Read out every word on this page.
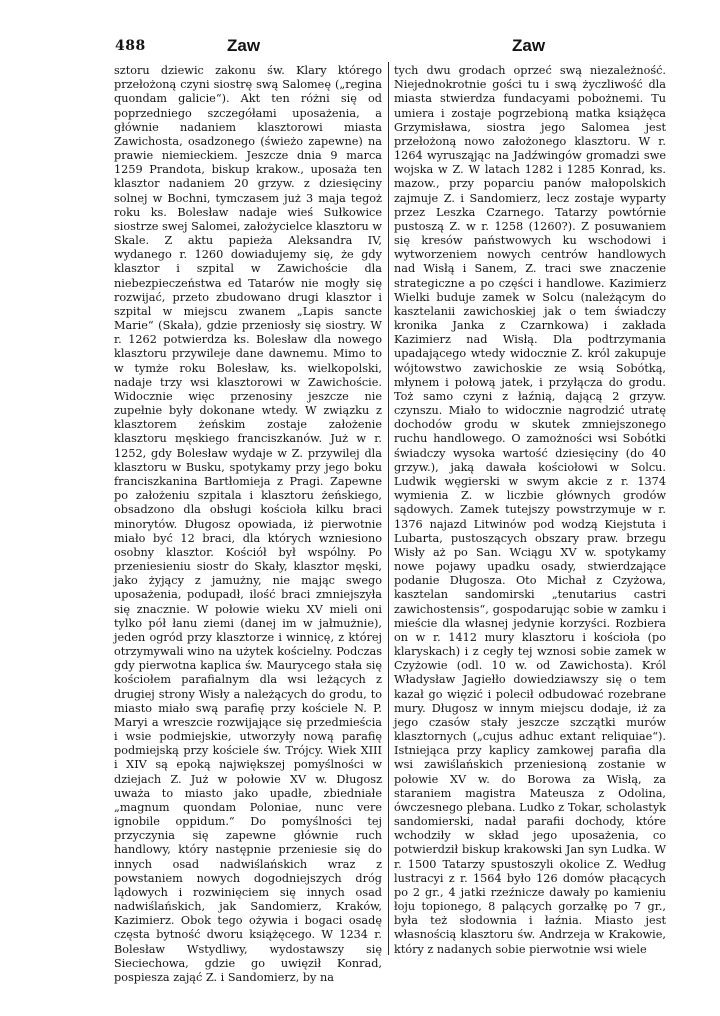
488	Zaw	Zaw

sztoru dziewic zakonu św. Klary którego przełożoną czyni siostrę swą Salomeę („regina quondam galicie“). Akt ten różni się od poprzedniego szczegółami uposażenia, a głównie nadaniem klasztorowi miasta Zawichosta, osadzonego (świeżo zapewne) na prawie niemieckiem. Jeszcze dnia 9 marca 1259 Prandota, biskup krakow., uposaża ten klasztor nadaniem 20 grzyw. z dziesięciny solnej w Bochni, tymczasem już 3 maja tegoż roku ks. Bolesław nadaje wieś Sułkowice siostrze swej Salomei, założycielce klasztoru w Skale. Z aktu papieża Aleksandra IV, wydanego r. 1260 dowiadujemy się, że gdy klasztor i szpital w Zawichoście dla niebezpieczeństwa ed Tatarów nie mogły się rozwijać, przeto zbudowano drugi klasztor i szpital w miejscu zwanem „Lapis sancte Marie“ (Skała), gdzie przeniosły się siostry. W r. 1262 potwierdza ks. Bolesław dla nowego klasztoru przywileje dane dawnemu. Mimo to w tymże roku Bolesław, ks. wielkopolski, nadaje trzy wsi klasztorowi w Zawichoście. Widocznie więc przenosiny jeszcze nie zupełnie były dokonane wtedy. W związku z klasztorem żeńskim zostaje założenie klasztoru męskiego franciszkanów. Już w r. 1252, gdy Bolesław wydaje w Z. przywilej dla klasztoru w Busku, spotykamy przy jego boku franciszkanina Bartłomieja z Pragi. Zapewne po założeniu szpitala i klasztoru żeńskiego, obsadzono dla obsługi kościoła kilku braci minorytów. Długosz opowiada, iż pierwotnie miało być 12 braci, dla których wzniesiono osobny klasztor. Kościół był wspólny. Po przeniesieniu siostr do Skały, klasztor męski, jako żyjący z jamużny, nie mając swego uposażenia, podupadł, ilość braci zmniejszyła się znacznie. W połowie wieku XV mieli oni tylko pół łanu ziemi (danej im w jałmużnie), jeden ogród przy klasztorze i winnicę, z której otrzymywali wino na użytek kościelny. Podczas gdy pierwotna kaplica św. Maurycego stała się kościołem parafialnym dla wsi leżących z drugiej strony Wisły a należących do grodu, to miasto miało swą parafię przy kościele N. P. Maryi a wreszcie rozwijające się przedmieścia i wsie podmiejskie, utworzyły nową parafię podmiejską przy kościele św. Trójcy. Wiek XIII i XIV są epoką największej pomyślności w dziejach Z. Już w połowie XV w. Długosz uważa to miasto jako upadłe, zbiedniałe „magnum quondam Poloniae, nunc vere ignobile oppidum.“ Do pomyślności tej przyczynia się zapewne głównie ruch handlowy, który następnie przeniesie się do innych osad nadwiślańskich wraz z powstaniem nowych dogodniejszych dróg lądowych i rozwinięciem się innych osad nadwiślańskich, jak Sandomierz, Kraków, Kazimierz. Obok tego ożywia i bogaci osadę częsta bytność dworu książęcego. W 1234 r. Bolesław Wstydliwy, wydostawszy się Sieciechowa, gdzie go uwięził Konrad, pospiesza zająć Z. i Sandomierz, by na

tych dwu grodach oprzeć swą niezależność. Niejednokrotnie gości tu i swą życzliwość dla miasta stwierdza fundacyami pobożnemi. Tu umiera i zostaje pogrzebioną matka książęca Grzymisława, siostra jego Salomea jest przełożoną nowo założonego klasztoru. W r. 1264 wyrusząjąc na Jadźwingów gromadzi swe wojska w Z. W latach 1282 i 1285 Konrad, ks. mazow., przy poparciu panów małopolskich zajmuje Z. i Sandomierz, lecz zostaje wyparty przez Leszka Czarnego. Tatarzy powtórnie pustoszą Z. w r. 1258 (1260?). Z posuwaniem się kresów państwowych ku wschodowi i wytworzeniem nowych centrów handlowych nad Wisłą i Sanem, Z. traci swe znaczenie strategiczne a po części i handlowe. Kazimierz Wielki buduje zamek w Solcu (należącym do kasztelanii zawichoskiej jak o tem świadczy kronika Janka z Czarnkowa) i zakłada Kazimierz nad Wisłą. Dla podtrzymania upadającego wtedy widocznie Z. król zakupuje wójtowstwo zawichoskie ze wsią Sobótką, młynem i połową jatek, i przyłącza do grodu. Toż samo czyni z łaźnią, dającą 2 grzyw. czynszu. Miało to widocznie nagrodzić utratę dochodów grodu w skutek zmniejszonego ruchu handlowego. O zamożności wsi Sobótki świadczy wysoka wartość dziesięciny (do 40 grzyw.), jaką dawała kościołowi w Solcu. Ludwik węgierski w swym akcie z r. 1374 wymienia Z. w liczbie głównych grodów sądowych. Zamek tutejszy powstrzymuje w r. 1376 najazd Litwinów pod wodzą Kiejstuta i Lubarta, pustoszących obszary praw. brzegu Wisły aż po San. Wciągu XV w. spotykamy nowe pojawy upadku osady, stwierdzające podanie Długosza. Oto Michał z Czyżowa, kasztelan sandomirski „tenutarius castri zawichostensis“, gospodarując sobie w zamku i mieście dla własnej jedynie korzyści. Rozbiera on w r. 1412 mury klasztoru i kościoła (po klaryskach) i z cegły tej wznosi sobie zamek w Czyżowie (odl. 10 w. od Zawichosta). Król Władysław Jagiełło dowiedziawszy się o tem kazał go więzić i polecił odbudować rozebrane mury. Długosz w innym miejscu dodaje, iż za jego czasów stały jeszcze szczątki murów klasztornych („cujus adhuc extant reliquiae“). Istniejąca przy kaplicy zamkowej parafia dla wsi zawiślańskich przeniesioną zostanie w połowie XV w. do Borowa za Wisłą, za staraniem magistra Mateusza z Odolina, ówczesnego plebana. Ludko z Tokar, scholastyk sandomierski, nadał parafii dochody, które wchodziły w skład jego uposażenia, co potwierdził biskup krakowski Jan syn Ludka. W r. 1500 Tatarzy spustoszyli okolice Z. Według lustracyi z r. 1564 było 126 domów płacących po 2 gr., 4 jatki rzeźnicze dawały po kamieniu łoju topionego, 8 palących gorzałkę po 7 gr., była też słodownia i łaźnia. Miasto jest własnością klasztoru św. Andrzeja w Krakowie, który z nadanych sobie pierwotnie wsi wiele
